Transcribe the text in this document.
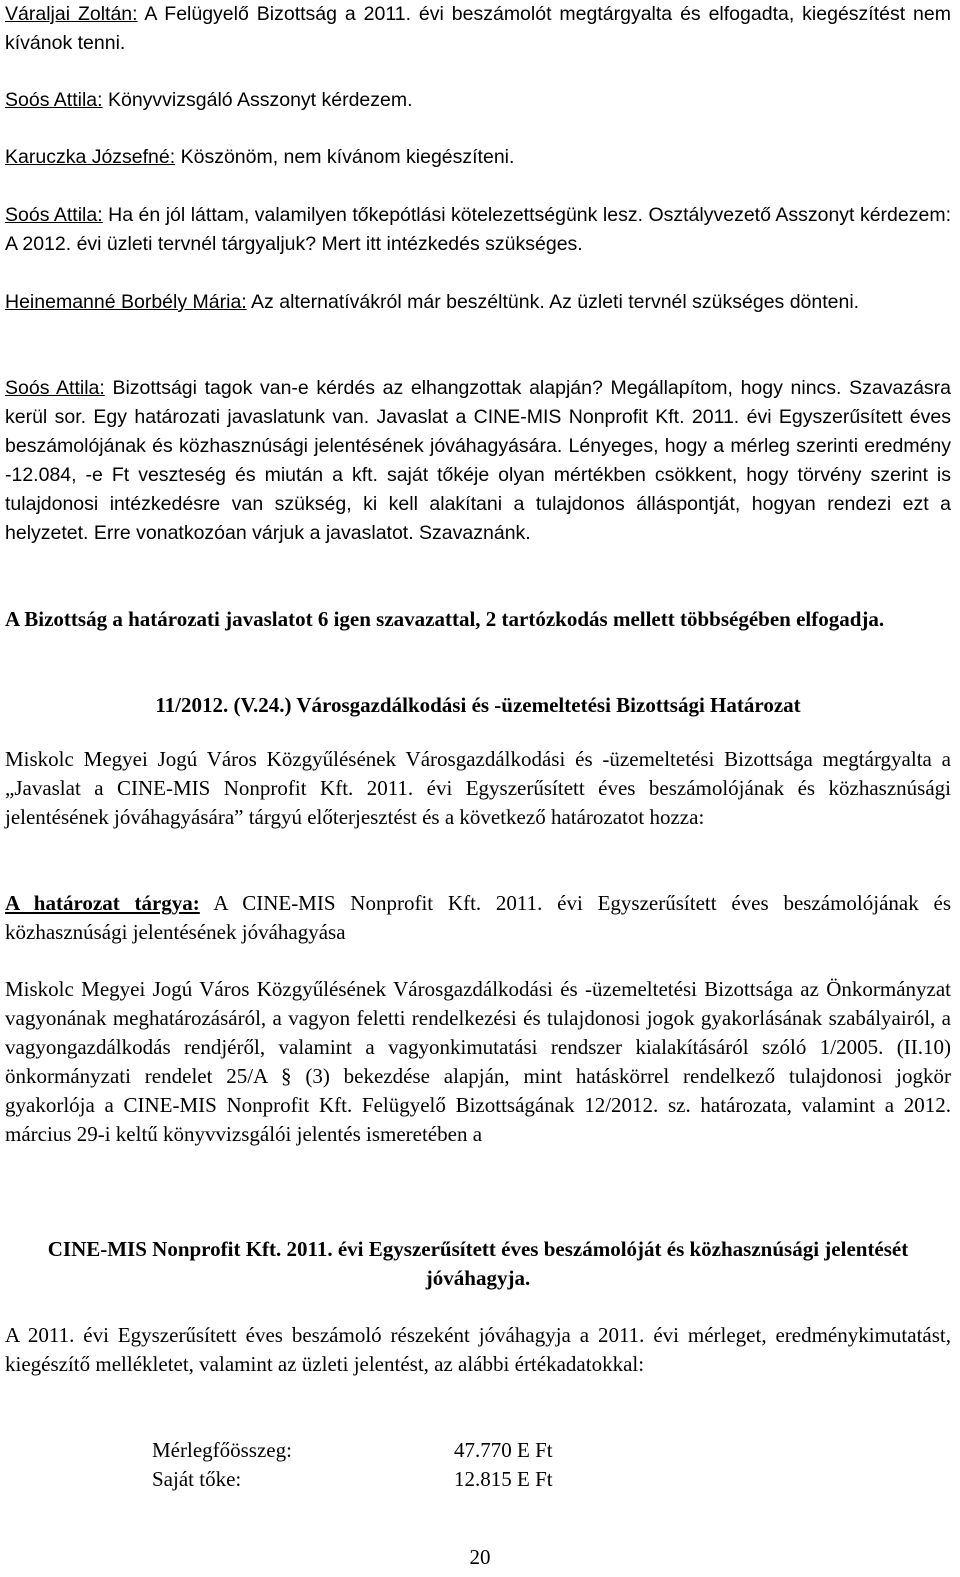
Váraljai Zoltán: A Felügyelő Bizottság a 2011. évi beszámolót megtárgyalta és elfogadta, kiegészítést nem kívánok tenni.

Soós Attila: Könyvvizsgáló Asszonyt kérdezem.

Karuczka Józsefné: Köszönöm, nem kívánom kiegészíteni.

Soós Attila: Ha én jól láttam, valamilyen tőkepótlási kötelezettségünk lesz. Osztályvezető Asszonyt kérdezem: A 2012. évi üzleti tervnél tárgyaljuk? Mert itt intézkedés szükséges.

Heinemanné Borbély Mária: Az alternatívákról már beszéltünk. Az üzleti tervnél szükséges dönteni.

Soós Attila: Bizottsági tagok van-e kérdés az elhangzottak alapján? Megállapítom, hogy nincs. Szavazásra kerül sor. Egy határozati javaslatunk van. Javaslat a CINE-MIS Nonprofit Kft. 2011. évi Egyszerűsített éves beszámolójának és közhasznúsági jelentésének jóváhagyására. Lényeges, hogy a mérleg szerinti eredmény -12.084, -e Ft veszteség és miután a kft. saját tőkéje olyan mértékben csökkent, hogy törvény szerint is tulajdonosi intézkedésre van szükség, ki kell alakítani a tulajdonos álláspontját, hogyan rendezi ezt a helyzetet. Erre vonatkozóan várjuk a javaslatot. Szavaznánk.

A Bizottság a határozati javaslatot 6 igen szavazattal, 2 tartózkodás mellett többségében elfogadja.

11/2012. (V.24.) Városgazdálkodási és -üzemeltetési Bizottsági Határozat

Miskolc Megyei Jogú Város Közgyűlésének Városgazdálkodási és -üzemeltetési Bizottsága megtárgyalta a „Javaslat a CINE-MIS Nonprofit Kft. 2011. évi Egyszerűsített éves beszámolójának és közhasznúsági jelentésének jóváhagyására” tárgyú előterjesztést és a következő határozatot hozza:

A határozat tárgya: A CINE-MIS Nonprofit Kft. 2011. évi Egyszerűsített éves beszámolójának és közhasznúsági jelentésének jóváhagyása

Miskolc Megyei Jogú Város Közgyűlésének Városgazdálkodási és -üzemeltetési Bizottsága az Önkormányzat vagyonának meghatározásáról, a vagyon feletti rendelkezési és tulajdonosi jogok gyakorlásának szabályairól, a vagyongazdálkodás rendjéről, valamint a vagyonkimutatási rendszer kialakításáról szóló 1/2005. (II.10) önkormányzati rendelet 25/A § (3) bekezdése alapján, mint hatáskörrel rendelkező tulajdonosi jogkör gyakorlója a CINE-MIS Nonprofit Kft. Felügyelő Bizottságának 12/2012. sz. határozata, valamint a 2012. március 29-i keltű könyvvizsgálói jelentés ismeretében a

CINE-MIS Nonprofit Kft. 2011. évi Egyszerűsített éves beszámolóját és közhasznúsági jelentését jóváhagyja.

A 2011. évi Egyszerűsített éves beszámoló részeként jóváhagyja a 2011. évi mérleget, eredménykimutatást, kiegészítő mellékletet, valamint az üzleti jelentést, az alábbi értékadatokkal:

Mérlegfőösszeg:	47.770 E Ft
Saját tőke:	12.815 E Ft
20
